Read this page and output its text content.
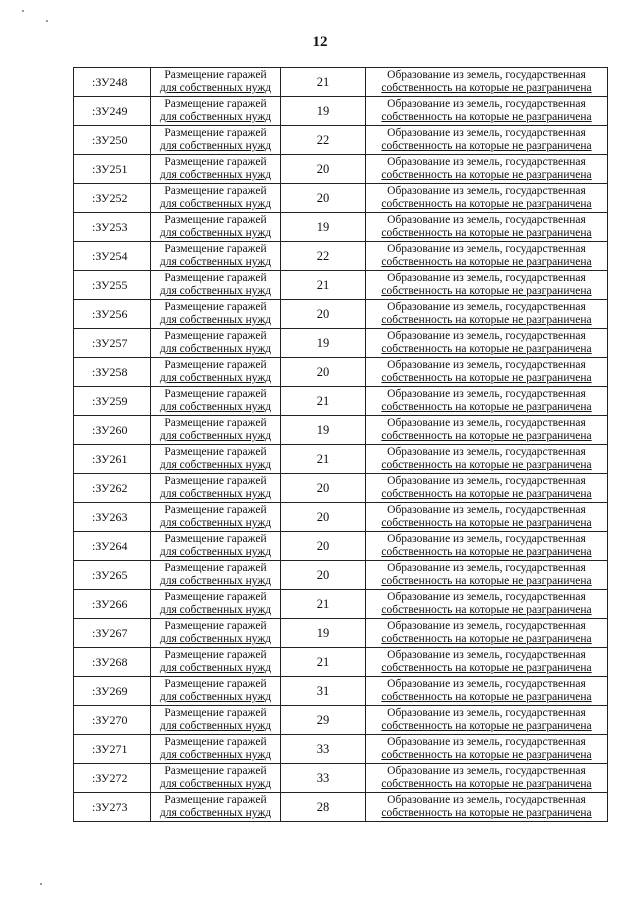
12
:ЗУ248	Размещение гаражей
для собственных нужд	21	Образование из земель, государственная
собственность на которые не разграничена

:ЗУ249	Размещение гаражей
для собственных нужд	19	Образование из земель, государственная
собственность на которые не разграничена

:ЗУ250	Размещение гаражей
для собственных нужд	22	Образование из земель, государственная
собственность на которые не разграничена

:ЗУ251	Размещение гаражей
для собственных нужд	20	Образование из земель, государственная
собственность на которые не разграничена

:ЗУ252	Размещение гаражей
для собственных нужд	20	Образование из земель, государственная
собственность на которые не разграничена

:ЗУ253	Размещение гаражей
для собственных нужд	19	Образование из земель, государственная
собственность на которые не разграничена

:ЗУ254	Размещение гаражей
для собственных нужд	22	Образование из земель, государственная
собственность на которые не разграничена

:ЗУ255	Размещение гаражей
для собственных нужд	21	Образование из земель, государственная
собственность на которые не разграничена

:ЗУ256	Размещение гаражей
для собственных нужд	20	Образование из земель, государственная
собственность на которые не разграничена

:ЗУ257	Размещение гаражей
для собственных нужд	19	Образование из земель, государственная
собственность на которые не разграничена

:ЗУ258	Размещение гаражей
для собственных нужд	20	Образование из земель, государственная
собственность на которые не разграничена

:ЗУ259	Размещение гаражей
для собственных нужд	21	Образование из земель, государственная
собственность на которые не разграничена

:ЗУ260	Размещение гаражей
для собственных нужд	19	Образование из земель, государственная
собственность на которые не разграничена

:ЗУ261	Размещение гаражей
для собственных нужд	21	Образование из земель, государственная
собственность на которые не разграничена

:ЗУ262	Размещение гаражей
для собственных нужд	20	Образование из земель, государственная
собственность на которые не разграничена

:ЗУ263	Размещение гаражей
для собственных нужд	20	Образование из земель, государственная
собственность на которые не разграничена

:ЗУ264	Размещение гаражей
для собственных нужд	20	Образование из земель, государственная
собственность на которые не разграничена

:ЗУ265	Размещение гаражей
для собственных нужд	20	Образование из земель, государственная
собственность на которые не разграничена

:ЗУ266	Размещение гаражей
для собственных нужд	21	Образование из земель, государственная
собственность на которые не разграничена

:ЗУ267	Размещение гаражей
для собственных нужд	19	Образование из земель, государственная
собственность на которые не разграничена

:ЗУ268	Размещение гаражей
для собственных нужд	21	Образование из земель, государственная
собственность на которые не разграничена

:ЗУ269	Размещение гаражей
для собственных нужд	31	Образование из земель, государственная
собственность на которые не разграничена

:ЗУ270	Размещение гаражей
для собственных нужд	29	Образование из земель, государственная
собственность на которые не разграничена

:ЗУ271	Размещение гаражей
для собственных нужд	33	Образование из земель, государственная
собственность на которые не разграничена

:ЗУ272	Размещение гаражей
для собственных нужд	33	Образование из земель, государственная
собственность на которые не разграничена

:ЗУ273	Размещение гаражей
для собственных нужд	28	Образование из земель, государственная
собственность на которые не разграничена
